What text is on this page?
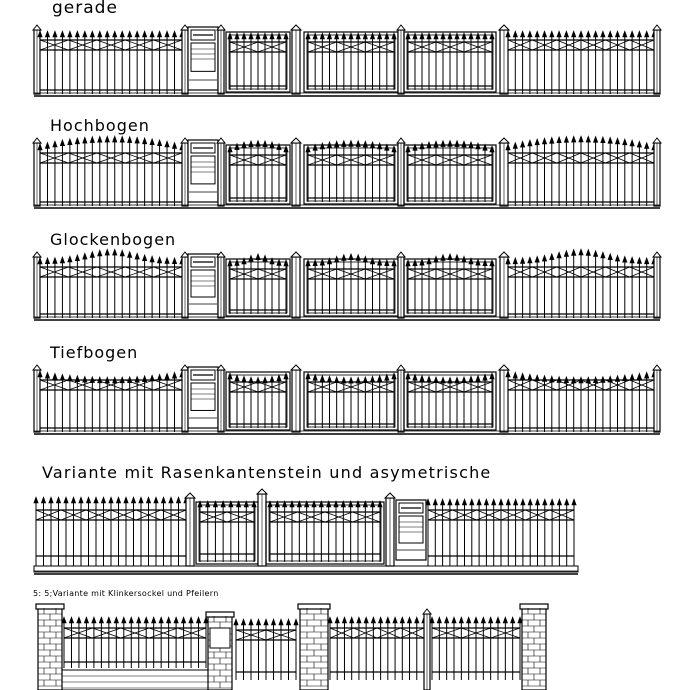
gerade
Hochbogen
Glockenbogen
Tiefbogen
Variante mit Rasenkantenstein und asymetrische
5: 5;Variante mit Klinkersockel und Pfeilern
